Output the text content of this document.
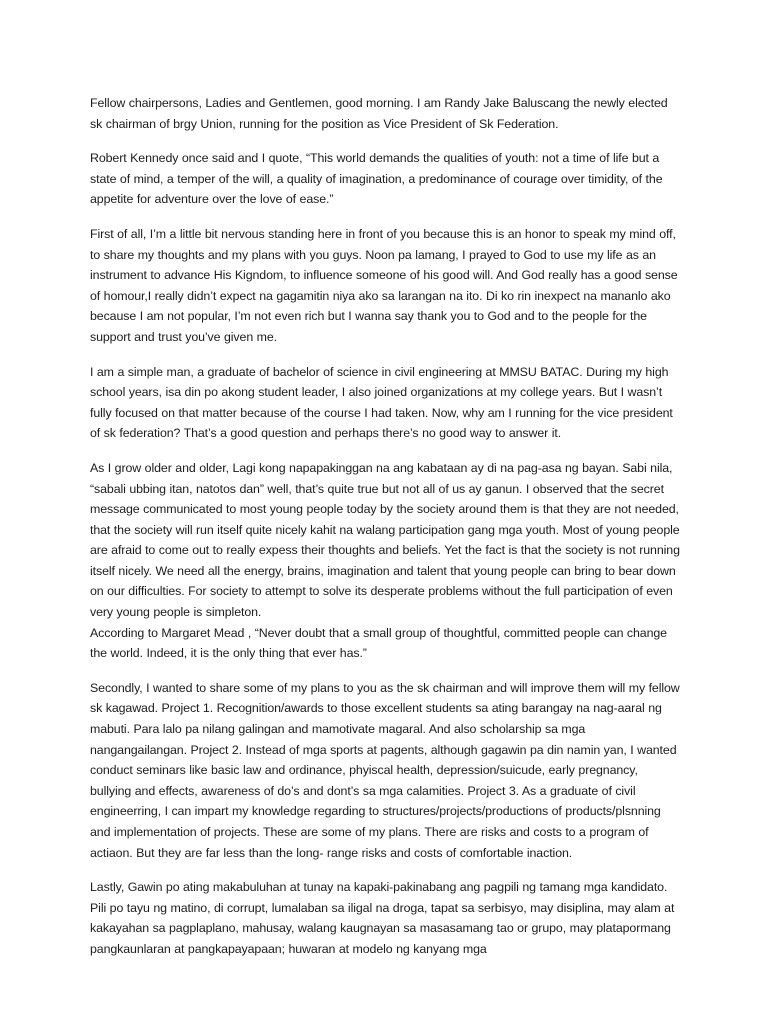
Fellow chairpersons, Ladies and Gentlemen, good morning. I am Randy Jake Baluscang the newly elected sk chairman of brgy Union, running for the position as Vice President of Sk Federation.

Robert Kennedy once said and I quote, “This world demands the qualities of youth: not a time of life but a state of mind, a temper of the will, a quality of imagination, a predominance of courage over timidity, of the appetite for adventure over the love of ease.”

First of all, I’m a little bit nervous standing here in front of you because this is an honor to speak my mind off, to share my thoughts and my plans with you guys. Noon pa lamang, I prayed to God to use my life as an instrument to advance His Kigndom, to influence someone of his good will. And God really has a good sense of homour,I really didn’t expect na gagamitin niya ako sa larangan na ito. Di ko rin inexpect na mananlo ako because I am not popular, I’m not even rich but I wanna say thank you to God and to the people for the support and trust you’ve given me.

I am a simple man, a graduate of bachelor of science in civil engineering at MMSU BATAC. During my high school years, isa din po akong student leader, I also joined organizations at my college years. But I wasn’t fully focused on that matter because of the course I had taken. Now, why am I running for the vice president of sk federation? That’s a good question and perhaps there’s no good way to answer it.

As I grow older and older, Lagi kong napapakinggan na ang kabataan ay di na pag-asa ng bayan. Sabi nila, “sabali ubbing itan, natotos dan” well, that’s quite true but not all of us ay ganun. I observed that the secret message communicated to most young people today by the society around them is that they are not needed, that the society will run itself quite nicely kahit na walang participation gang mga youth. Most of young people are afraid to come out to really expess their thoughts and beliefs. Yet the fact is that the society is not running itself nicely. We need all the energy, brains, imagination and talent that young people can bring to bear down on our difficulties. For society to attempt to solve its desperate problems without the full participation of even very young people is simpleton.

According to Margaret Mead , “Never doubt that a small group of thoughtful, committed people can change the world. Indeed, it is the only thing that ever has.”

Secondly, I wanted to share some of my plans to you as the sk chairman and will improve them will my fellow sk kagawad. Project 1. Recognition/awards to those excellent students sa ating barangay na nag-aaral ng mabuti. Para lalo pa nilang galingan and mamotivate magaral. And also scholarship sa mga nangangailangan. Project 2. Instead of mga sports at pagents, although gagawin pa din namin yan, I wanted conduct seminars like basic law and ordinance, phyiscal health, depression/suicude, early pregnancy, bullying and effects, awareness of do’s and dont’s sa mga calamities. Project 3. As a graduate of civil engineerring, I can impart my knowledge regarding to structures/projects/productions of products/plsnning and implementation of projects. These are some of my plans. There are risks and costs to a program of actiaon. But they are far less than the long- range risks and costs of comfortable inaction.

Lastly, Gawin po ating makabuluhan at tunay na kapaki-pakinabang ang pagpili ng tamang mga kandidato. Pili po tayu ng matino, di corrupt, lumalaban sa iligal na droga, tapat sa serbisyo, may disiplina, may alam at kakayahan sa pagplaplano, mahusay, walang kaugnayan sa masasamang tao or grupo, may plataporma​ng pangkaunlaran at pangkapayapaan; huwaran at modelo ng kanyang mga
